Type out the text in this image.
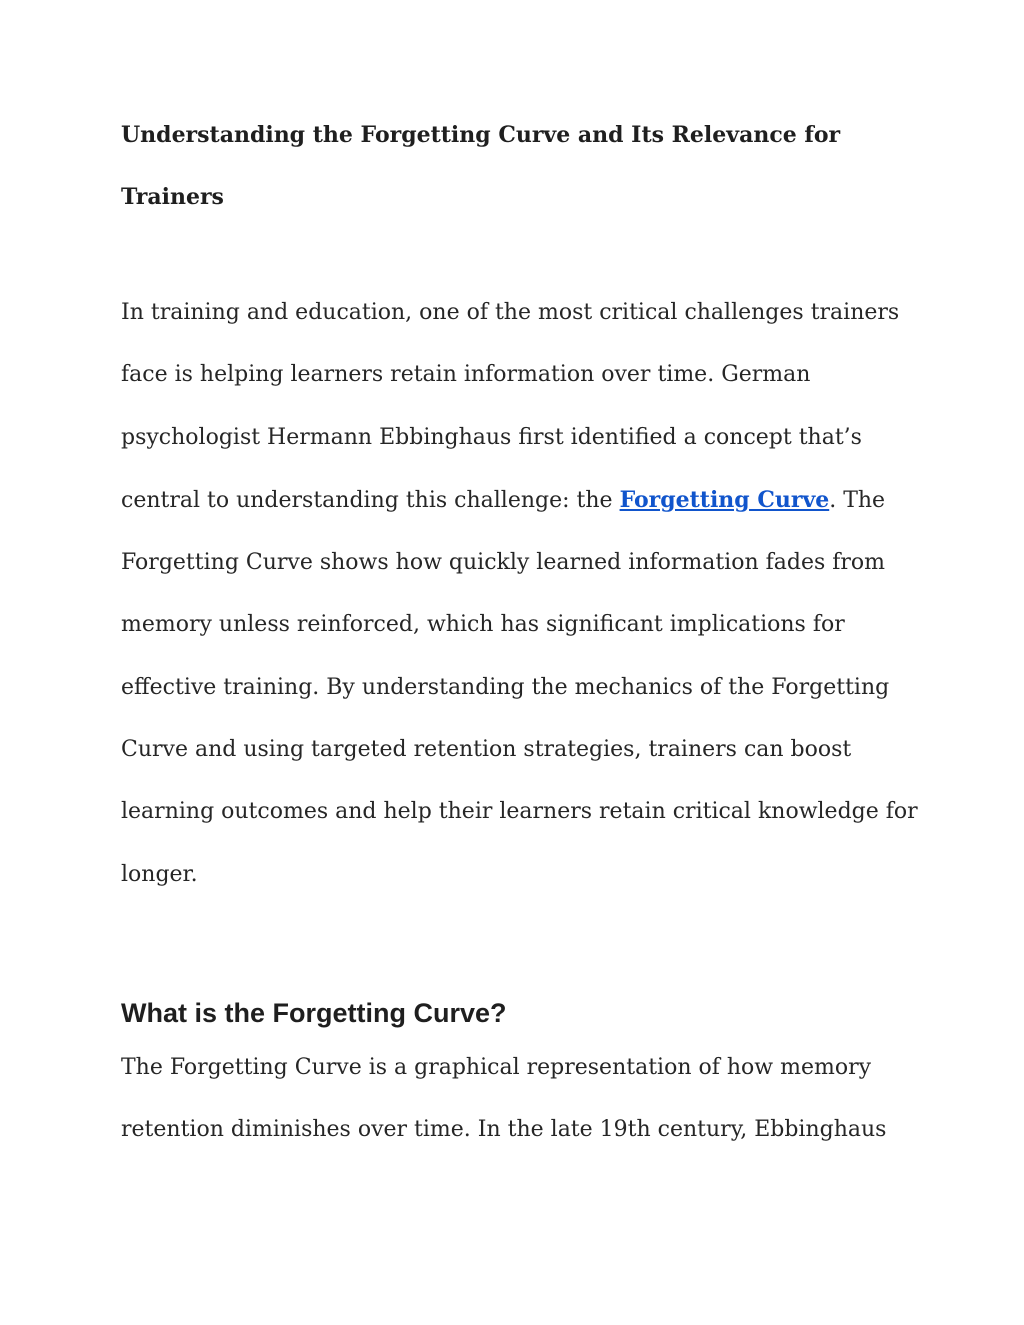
Understanding the Forgetting Curve and Its Relevance for
Trainers

In training and education, one of the most critical challenges trainers
face is helping learners retain information over time. German
psychologist Hermann Ebbinghaus first identified a concept that’s
central to understanding this challenge: the Forgetting Curve. The
Forgetting Curve shows how quickly learned information fades from
memory unless reinforced, which has significant implications for
effective training. By understanding the mechanics of the Forgetting
Curve and using targeted retention strategies, trainers can boost
learning outcomes and help their learners retain critical knowledge for
longer.

What is the Forgetting Curve?

The Forgetting Curve is a graphical representation of how memory
retention diminishes over time. In the late 19th century, Ebbinghaus
